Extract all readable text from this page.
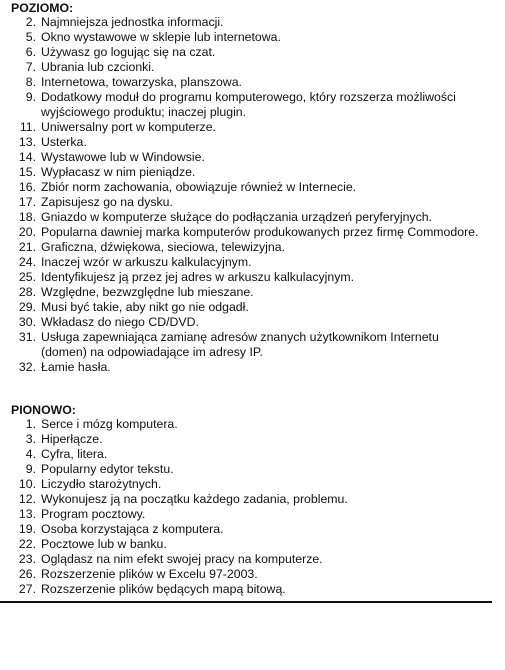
POZIOMO:
2. Najmniejsza jednostka informacji.
5. Okno wystawowe w sklepie lub internetowa.
6. Używasz go logując się na czat.
7. Ubrania lub czcionki.
8. Internetowa, towarzyska, planszowa.
9. Dodatkowy moduł do programu komputerowego, który rozszerza możliwości wyjściowego produktu; inaczej plugin.
11. Uniwersalny port w komputerze.
13. Usterka.
14. Wystawowe lub w Windowsie.
15. Wypłacasz w nim pieniądze.
16. Zbiór norm zachowania, obowiązuje również w Internecie.
17. Zapisujesz go na dysku.
18. Gniazdo w komputerze służące do podłączania urządzeń peryferyjnych.
20. Popularna dawniej marka komputerów produkowanych przez firmę Commodore.
21. Graficzna, dźwiękowa, sieciowa, telewizyjna.
24. Inaczej wzór w arkuszu kalkulacyjnym.
25. Identyfikujesz ją przez jej adres w arkuszu kalkulacyjnym.
28. Względne, bezwzględne lub mieszane.
29. Musi być takie, aby nikt go nie odgadł.
30. Wkładasz do niego CD/DVD.
31. Usługa zapewniająca zamianę adresów znanych użytkownikom Internetu (domen) na odpowiadające im adresy IP.
32. Łamie hasła.
PIONOWO:
1. Serce i mózg komputera.
3. Hiperłącze.
4. Cyfra, litera.
9. Popularny edytor tekstu.
10. Liczydło starożytnych.
12. Wykonujesz ją na początku każdego zadania, problemu.
13. Program pocztowy.
19. Osoba korzystająca z komputera.
22. Pocztowe lub w banku.
23. Oglądasz na nim efekt swojej pracy na komputerze.
26. Rozszerzenie plików w Excelu 97-2003.
27. Rozszerzenie plików będących mapą bitową.
